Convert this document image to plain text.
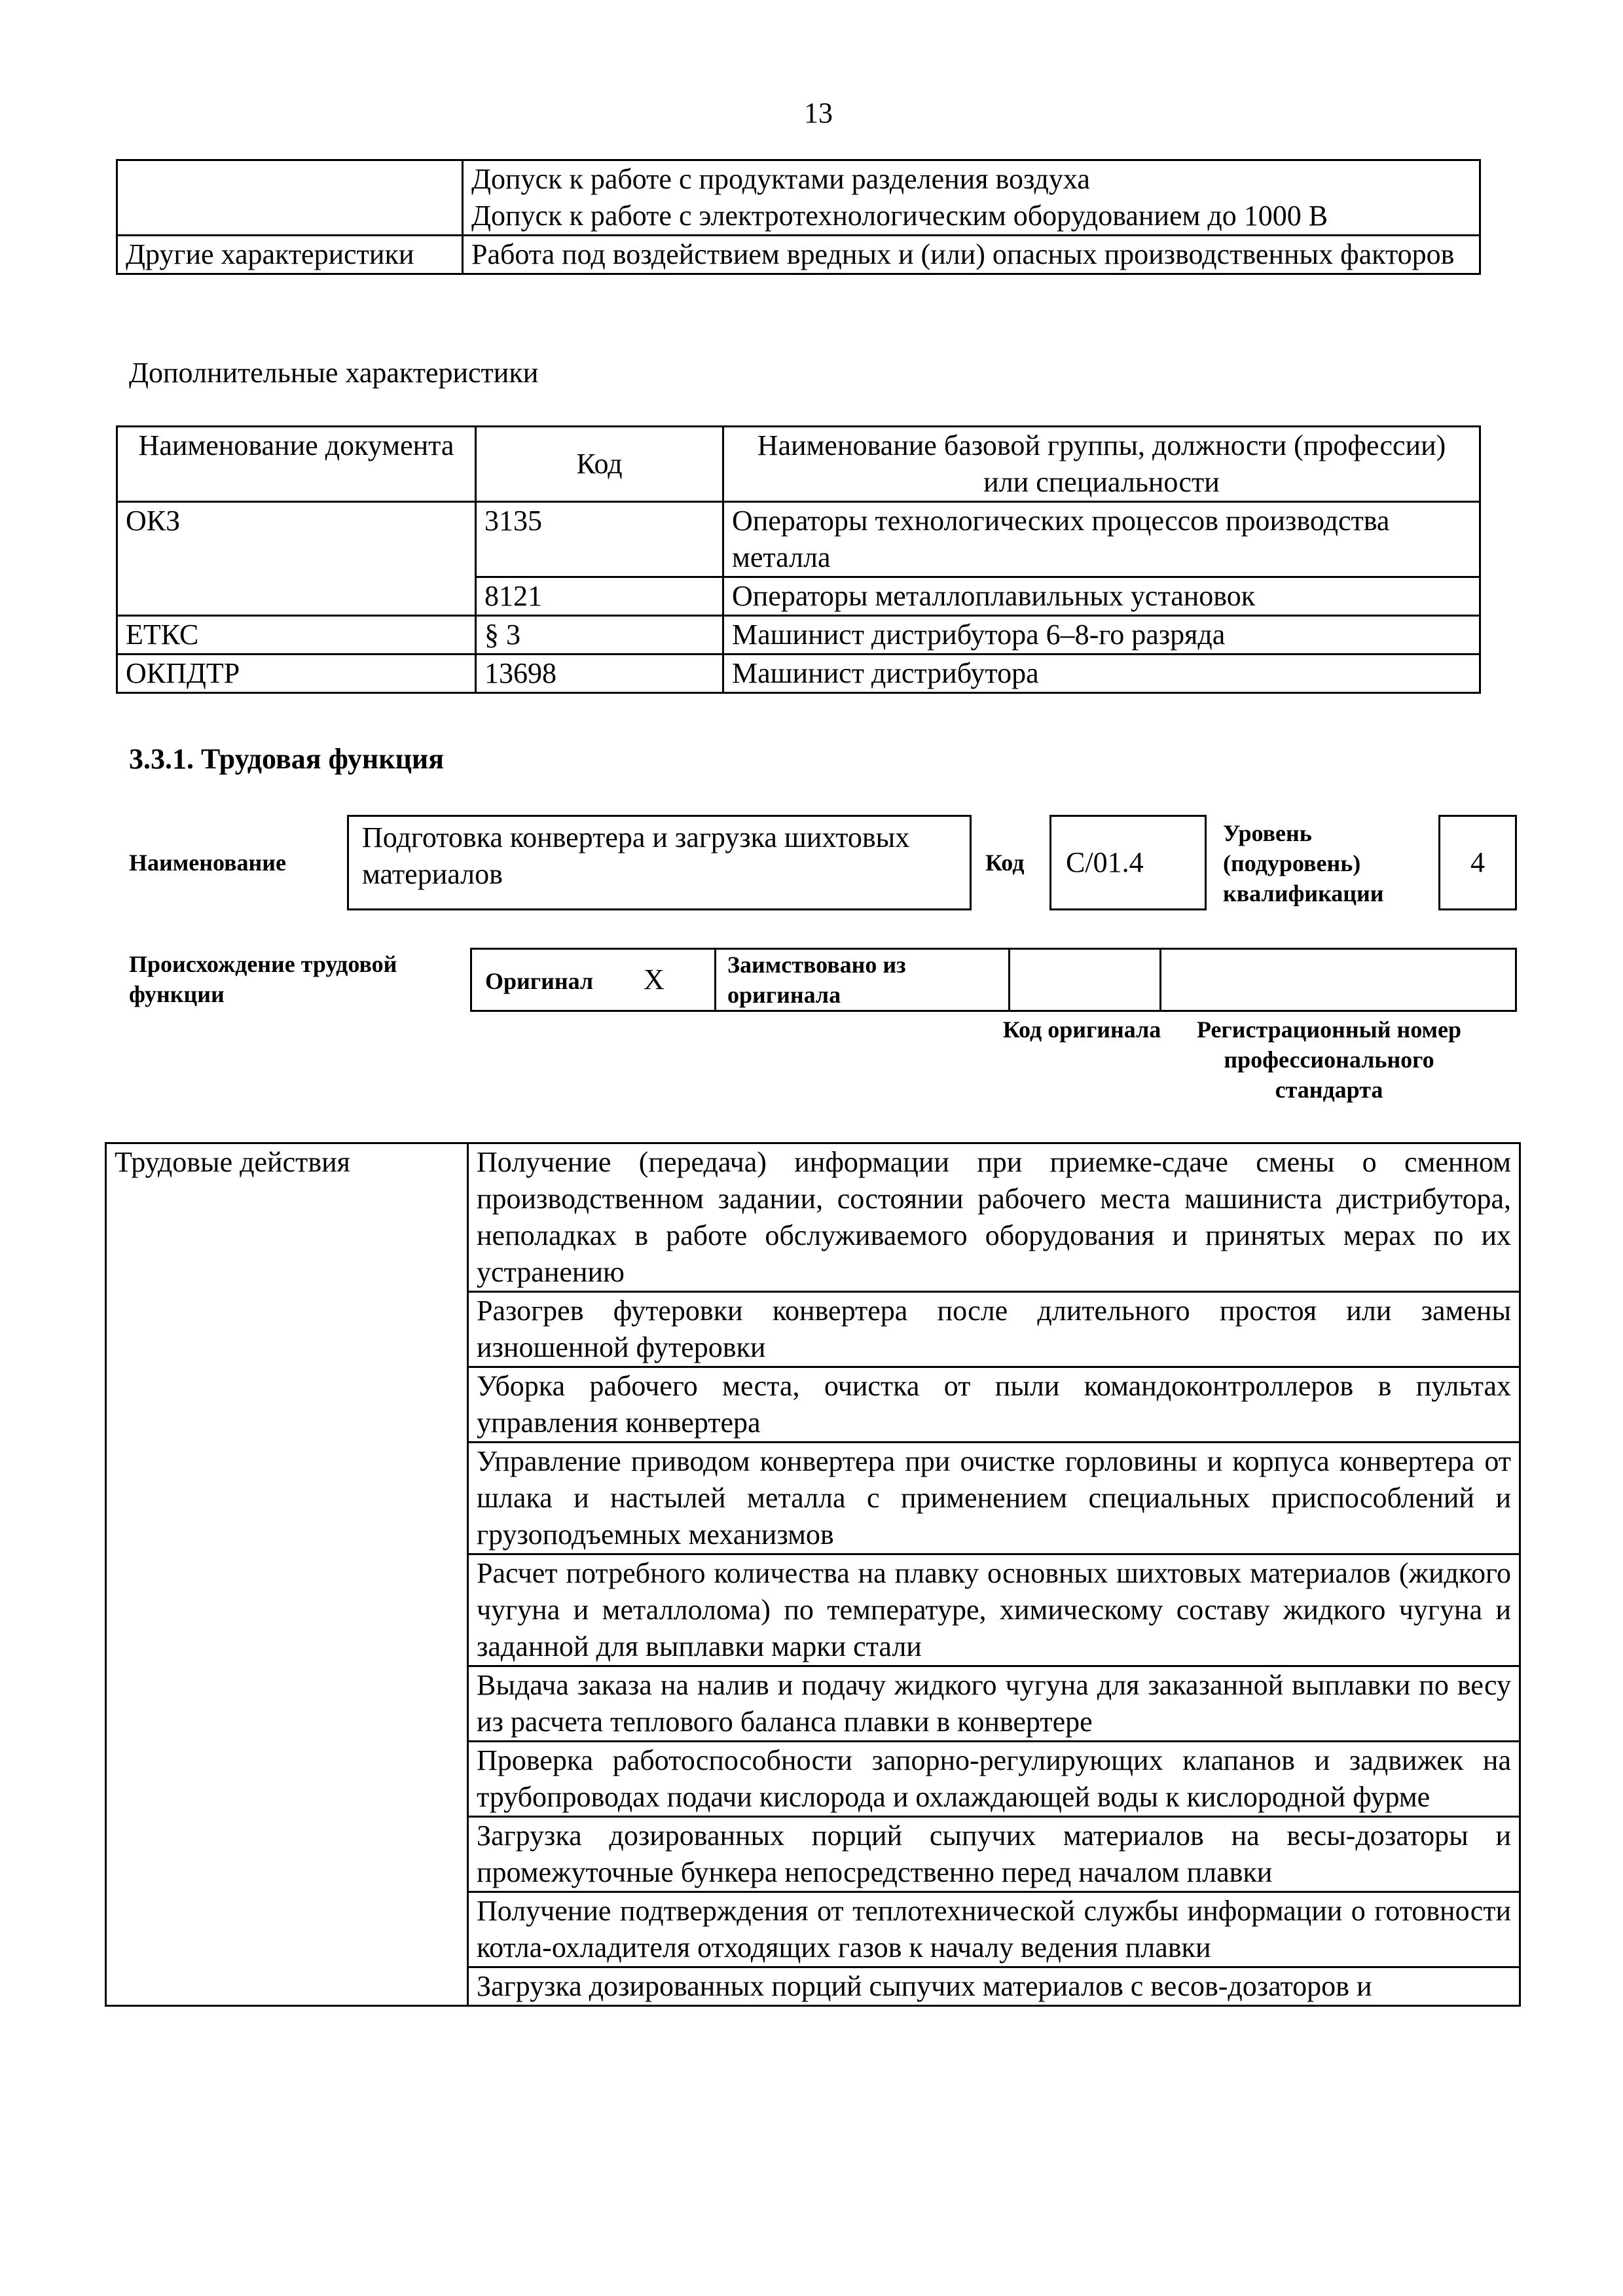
13

	Допуск к работе с продуктами разделения воздуха
Допуск к работе с электротехнологическим оборудованием до 1000 В

Другие характеристики	Работа под воздействием вредных и (или) опасных производственных факторов
Дополнительные характеристики
Наименование документа	Код	Наименование базовой группы, должности (профессии) или специальности
ОКЗ	3135	Операторы технологических процессов производства металла
	8121	Операторы металлоплавильных установок
ЕТКС	§ 3	Машинист дистрибутора 6–8-го разряда
ОКПДТР	13698	Машинист дистрибутора
3.3.1. Трудовая функция
Наименование
Подготовка конвертера и загрузка шихтовых материалов	Код	С/01.4
Уровень (подуровень) квалификации
4
Происхождение трудовой функции	Оригинал X	Заимствовано из оригинала
Код оригинала	Регистрационный номер профессионального стандарта
Трудовые действия	Получение (передача) информации при приемке-сдаче смены о сменном производственном задании, состоянии рабочего места машиниста дистрибутора, неполадках в работе обслуживаемого оборудования и принятых мерах по их устранению
Разогрев футеровки конвертера после длительного простоя или замены изношенной футеровки
Уборка рабочего места, очистка от пыли командоконтроллеров в пультах управления конвертера
Управление приводом конвертера при очистке горловины и корпуса конвертера от шлака и настылей металла с применением специальных приспособлений и грузоподъемных механизмов
Расчет потребного количества на плавку основных шихтовых материалов (жидкого чугуна и металлолома) по температуре, химическому составу жидкого чугуна и заданной для выплавки марки стали
Выдача заказа на налив и подачу жидкого чугуна для заказанной выплавки по весу из расчета теплового баланса плавки в конвертере
Проверка работоспособности запорно-регулирующих клапанов и задвижек на трубопроводах подачи кислорода и охлаждающей воды к кислородной фурме
Загрузка дозированных порций сыпучих материалов на весы-дозаторы и промежуточные бункера непосредственно перед началом плавки
Получение подтверждения от теплотехнической службы информации о готовности котла-охладителя отходящих газов к началу ведения плавки
Загрузка дозированных порций сыпучих материалов с весов-дозаторов и
